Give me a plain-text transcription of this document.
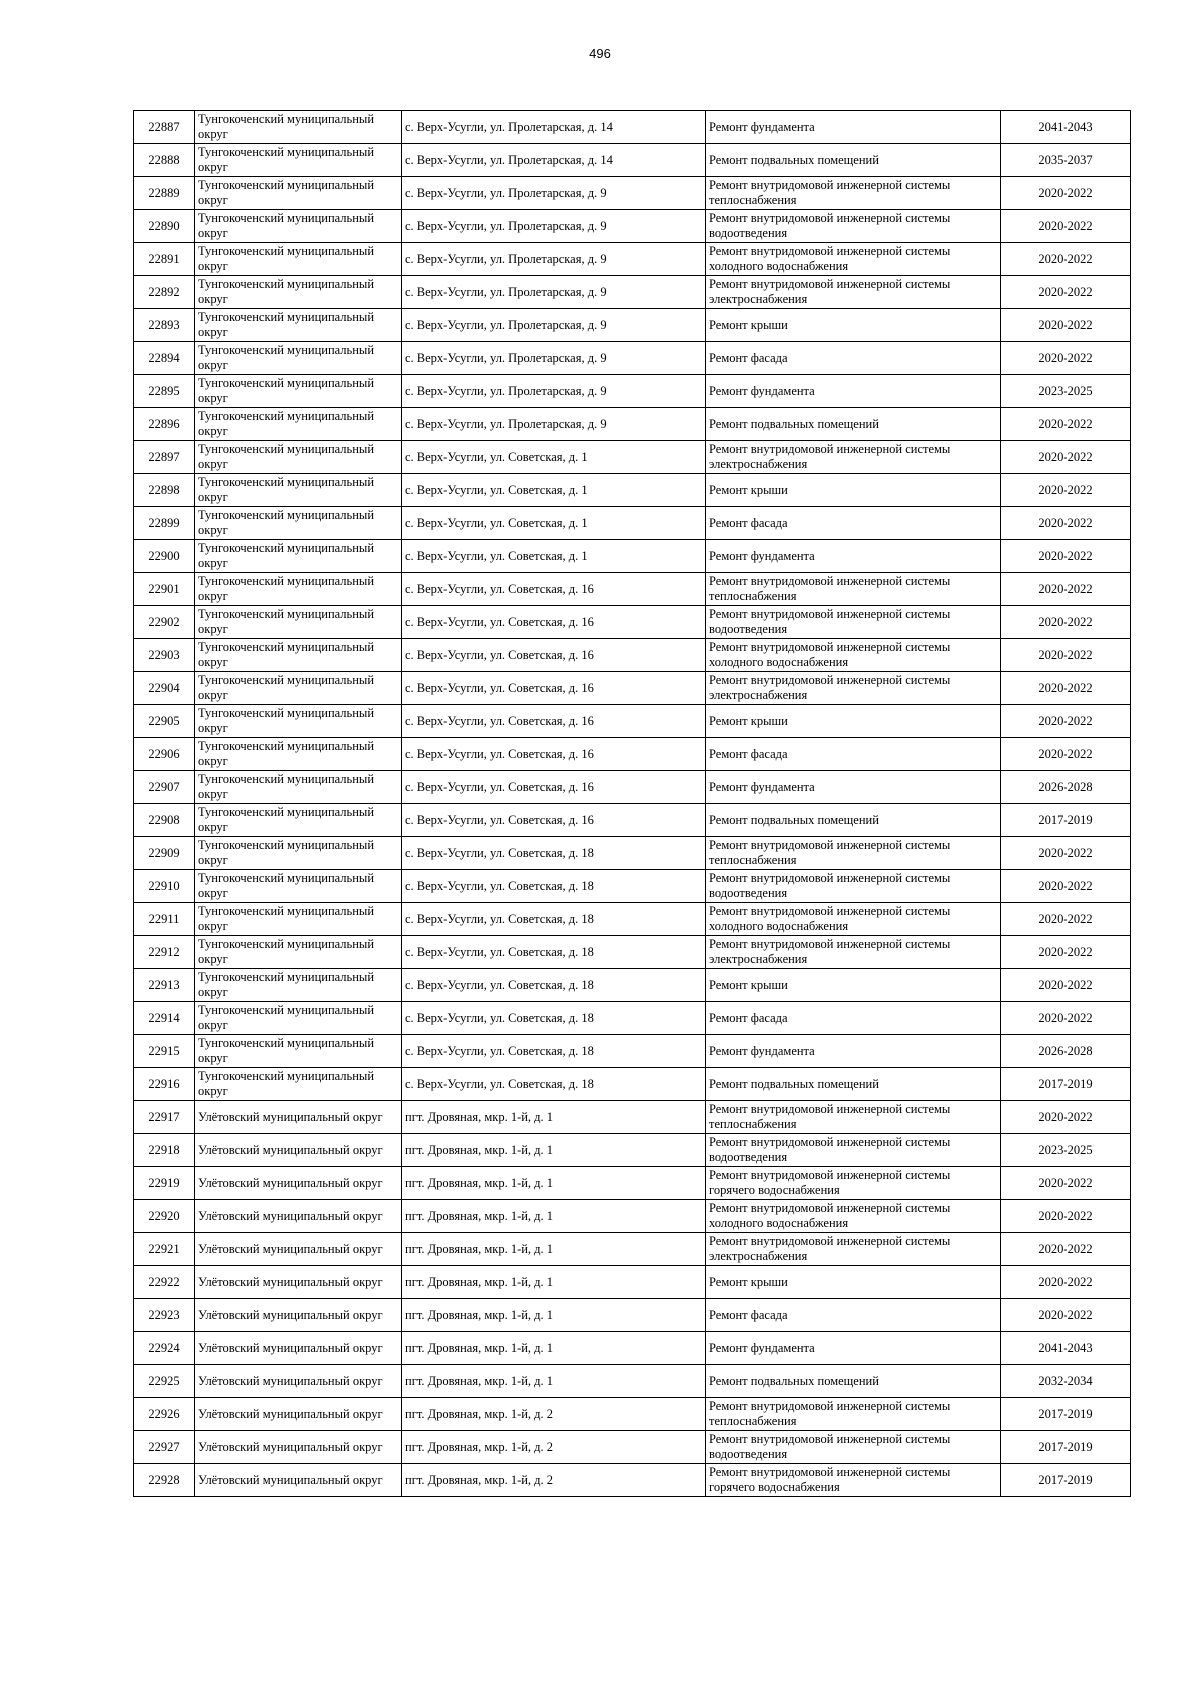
496
22887	Тунгокоченский муниципальный округ	с. Верх-Усугли, ул. Пролетарская, д. 14	Ремонт фундамента	2041-2043
22888	Тунгокоченский муниципальный округ	с. Верх-Усугли, ул. Пролетарская, д. 14	Ремонт подвальных помещений	2035-2037
22889	Тунгокоченский муниципальный округ	с. Верх-Усугли, ул. Пролетарская, д. 9	Ремонт внутридомовой инженерной системы теплоснабжения	2020-2022
22890	Тунгокоченский муниципальный округ	с. Верх-Усугли, ул. Пролетарская, д. 9	Ремонт внутридомовой инженерной системы водоотведения	2020-2022
22891	Тунгокоченский муниципальный округ	с. Верх-Усугли, ул. Пролетарская, д. 9	Ремонт внутридомовой инженерной системы холодного водоснабжения	2020-2022
22892	Тунгокоченский муниципальный округ	с. Верх-Усугли, ул. Пролетарская, д. 9	Ремонт внутридомовой инженерной системы электроснабжения	2020-2022
22893	Тунгокоченский муниципальный округ	с. Верх-Усугли, ул. Пролетарская, д. 9	Ремонт крыши	2020-2022
22894	Тунгокоченский муниципальный округ	с. Верх-Усугли, ул. Пролетарская, д. 9	Ремонт фасада	2020-2022
22895	Тунгокоченский муниципальный округ	с. Верх-Усугли, ул. Пролетарская, д. 9	Ремонт фундамента	2023-2025
22896	Тунгокоченский муниципальный округ	с. Верх-Усугли, ул. Пролетарская, д. 9	Ремонт подвальных помещений	2020-2022
22897	Тунгокоченский муниципальный округ	с. Верх-Усугли, ул. Советская, д. 1	Ремонт внутридомовой инженерной системы электроснабжения	2020-2022
22898	Тунгокоченский муниципальный округ	с. Верх-Усугли, ул. Советская, д. 1	Ремонт крыши	2020-2022
22899	Тунгокоченский муниципальный округ	с. Верх-Усугли, ул. Советская, д. 1	Ремонт фасада	2020-2022
22900	Тунгокоченский муниципальный округ	с. Верх-Усугли, ул. Советская, д. 1	Ремонт фундамента	2020-2022
22901	Тунгокоченский муниципальный округ	с. Верх-Усугли, ул. Советская, д. 16	Ремонт внутридомовой инженерной системы теплоснабжения	2020-2022
22902	Тунгокоченский муниципальный округ	с. Верх-Усугли, ул. Советская, д. 16	Ремонт внутридомовой инженерной системы водоотведения	2020-2022
22903	Тунгокоченский муниципальный округ	с. Верх-Усугли, ул. Советская, д. 16	Ремонт внутридомовой инженерной системы холодного водоснабжения	2020-2022
22904	Тунгокоченский муниципальный округ	с. Верх-Усугли, ул. Советская, д. 16	Ремонт внутридомовой инженерной системы электроснабжения	2020-2022
22905	Тунгокоченский муниципальный округ	с. Верх-Усугли, ул. Советская, д. 16	Ремонт крыши	2020-2022
22906	Тунгокоченский муниципальный округ	с. Верх-Усугли, ул. Советская, д. 16	Ремонт фасада	2020-2022
22907	Тунгокоченский муниципальный округ	с. Верх-Усугли, ул. Советская, д. 16	Ремонт фундамента	2026-2028
22908	Тунгокоченский муниципальный округ	с. Верх-Усугли, ул. Советская, д. 16	Ремонт подвальных помещений	2017-2019
22909	Тунгокоченский муниципальный округ	с. Верх-Усугли, ул. Советская, д. 18	Ремонт внутридомовой инженерной системы теплоснабжения	2020-2022
22910	Тунгокоченский муниципальный округ	с. Верх-Усугли, ул. Советская, д. 18	Ремонт внутридомовой инженерной системы водоотведения	2020-2022
22911	Тунгокоченский муниципальный округ	с. Верх-Усугли, ул. Советская, д. 18	Ремонт внутридомовой инженерной системы холодного водоснабжения	2020-2022
22912	Тунгокоченский муниципальный округ	с. Верх-Усугли, ул. Советская, д. 18	Ремонт внутридомовой инженерной системы электроснабжения	2020-2022
22913	Тунгокоченский муниципальный округ	с. Верх-Усугли, ул. Советская, д. 18	Ремонт крыши	2020-2022
22914	Тунгокоченский муниципальный округ	с. Верх-Усугли, ул. Советская, д. 18	Ремонт фасада	2020-2022
22915	Тунгокоченский муниципальный округ	с. Верх-Усугли, ул. Советская, д. 18	Ремонт фундамента	2026-2028
22916	Тунгокоченский муниципальный округ	с. Верх-Усугли, ул. Советская, д. 18	Ремонт подвальных помещений	2017-2019
22917	Улётовский муниципальный округ	пгт. Дровяная, мкр. 1-й, д. 1	Ремонт внутридомовой инженерной системы теплоснабжения	2020-2022
22918	Улётовский муниципальный округ	пгт. Дровяная, мкр. 1-й, д. 1	Ремонт внутридомовой инженерной системы водоотведения	2023-2025
22919	Улётовский муниципальный округ	пгт. Дровяная, мкр. 1-й, д. 1	Ремонт внутридомовой инженерной системы горячего водоснабжения	2020-2022
22920	Улётовский муниципальный округ	пгт. Дровяная, мкр. 1-й, д. 1	Ремонт внутридомовой инженерной системы холодного водоснабжения	2020-2022
22921	Улётовский муниципальный округ	пгт. Дровяная, мкр. 1-й, д. 1	Ремонт внутридомовой инженерной системы электроснабжения	2020-2022
22922	Улётовский муниципальный округ	пгт. Дровяная, мкр. 1-й, д. 1	Ремонт крыши	2020-2022
22923	Улётовский муниципальный округ	пгт. Дровяная, мкр. 1-й, д. 1	Ремонт фасада	2020-2022
22924	Улётовский муниципальный округ	пгт. Дровяная, мкр. 1-й, д. 1	Ремонт фундамента	2041-2043
22925	Улётовский муниципальный округ	пгт. Дровяная, мкр. 1-й, д. 1	Ремонт подвальных помещений	2032-2034
22926	Улётовский муниципальный округ	пгт. Дровяная, мкр. 1-й, д. 2	Ремонт внутридомовой инженерной системы теплоснабжения	2017-2019
22927	Улётовский муниципальный округ	пгт. Дровяная, мкр. 1-й, д. 2	Ремонт внутридомовой инженерной системы водоотведения	2017-2019
22928	Улётовский муниципальный округ	пгт. Дровяная, мкр. 1-й, д. 2	Ремонт внутридомовой инженерной системы горячего водоснабжения	2017-2019
